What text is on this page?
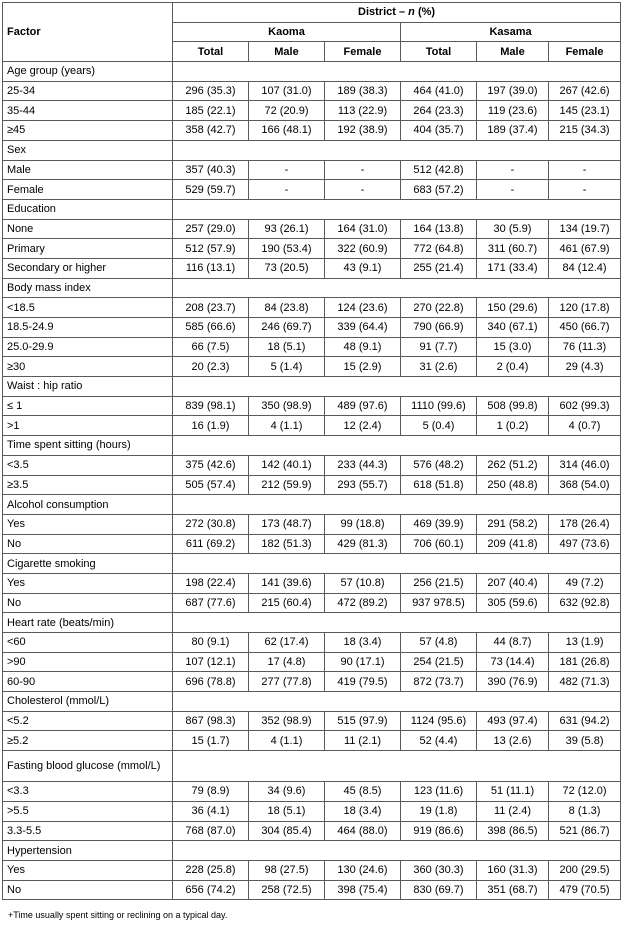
Factor	District – n (%)					
	Kaoma			Kasama		
	Total	Male	Female	Total	Male	Female
Age group (years)						
25-34	296 (35.3)	107 (31.0)	189 (38.3)	464 (41.0)	197 (39.0)	267 (42.6)
35-44	185 (22.1)	72 (20.9)	113 (22.9)	264 (23.3)	119 (23.6)	145 (23.1)
≥45	358 (42.7)	166 (48.1)	192 (38.9)	404 (35.7)	189 (37.4)	215 (34.3)
Sex						
Male	357 (40.3)	-	-	512 (42.8)	-	-
Female	529 (59.7)	-	-	683 (57.2)	-	-
Education						
None	257 (29.0)	93 (26.1)	164 (31.0)	164 (13.8)	30 (5.9)	134 (19.7)
Primary	512 (57.9)	190 (53.4)	322 (60.9)	772 (64.8)	311 (60.7)	461 (67.9)
Secondary or higher	116 (13.1)	73 (20.5)	43 (9.1)	255 (21.4)	171 (33.4)	84 (12.4)
Body mass index						
<18.5	208 (23.7)	84 (23.8)	124 (23.6)	270 (22.8)	150 (29.6)	120 (17.8)
18.5-24.9	585 (66.6)	246 (69.7)	339 (64.4)	790 (66.9)	340 (67.1)	450 (66.7)
25.0-29.9	66 (7.5)	18 (5.1)	48 (9.1)	91 (7.7)	15 (3.0)	76 (11.3)
≥30	20 (2.3)	5 (1.4)	15 (2.9)	31 (2.6)	2 (0.4)	29 (4.3)
Waist : hip ratio						
≤ 1	839 (98.1)	350 (98.9)	489 (97.6)	1110 (99.6)	508 (99.8)	602 (99.3)
>1	16 (1.9)	4 (1.1)	12 (2.4)	5 (0.4)	1 (0.2)	4 (0.7)
Time spent sitting (hours)						
<3.5	375 (42.6)	142 (40.1)	233 (44.3)	576 (48.2)	262 (51.2)	314 (46.0)
≥3.5	505 (57.4)	212 (59.9)	293 (55.7)	618 (51.8)	250 (48.8)	368 (54.0)
Alcohol consumption						
Yes	272 (30.8)	173 (48.7)	99 (18.8)	469 (39.9)	291 (58.2)	178 (26.4)
No	611 (69.2)	182 (51.3)	429 (81.3)	706 (60.1)	209 (41.8)	497 (73.6)
Cigarette smoking						
Yes	198 (22.4)	141 (39.6)	57 (10.8)	256 (21.5)	207 (40.4)	49 (7.2)
No	687 (77.6)	215 (60.4)	472 (89.2)	937 978.5)	305 (59.6)	632 (92.8)
Heart rate (beats/min)						
<60	80 (9.1)	62 (17.4)	18 (3.4)	57 (4.8)	44 (8.7)	13 (1.9)
>90	107 (12.1)	17 (4.8)	90 (17.1)	254 (21.5)	73 (14.4)	181 (26.8)
60-90	696 (78.8)	277 (77.8)	419 (79.5)	872 (73.7)	390 (76.9)	482 (71.3)
Cholesterol (mmol/L)						
<5.2	867 (98.3)	352 (98.9)	515 (97.9)	1124 (95.6)	493 (97.4)	631 (94.2)
≥5.2	15 (1.7)	4 (1.1)	11 (2.1)	52 (4.4)	13 (2.6)	39 (5.8)
Fasting blood glucose (mmol/L)						
<3.3	79 (8.9)	34 (9.6)	45 (8.5)	123 (11.6)	51 (11.1)	72 (12.0)
>5.5	36 (4.1)	18 (5.1)	18 (3.4)	19 (1.8)	11 (2.4)	8 (1.3)
3.3-5.5	768 (87.0)	304 (85.4)	464 (88.0)	919 (86.6)	398 (86.5)	521 (86.7)
Hypertension						
Yes	228 (25.8)	98 (27.5)	130 (24.6)	360 (30.3)	160 (31.3)	200 (29.5)
No	656 (74.2)	258 (72.5)	398 (75.4)	830 (69.7)	351 (68.7)	479 (70.5)
+Time usually spent sitting or reclining on a typical day.
